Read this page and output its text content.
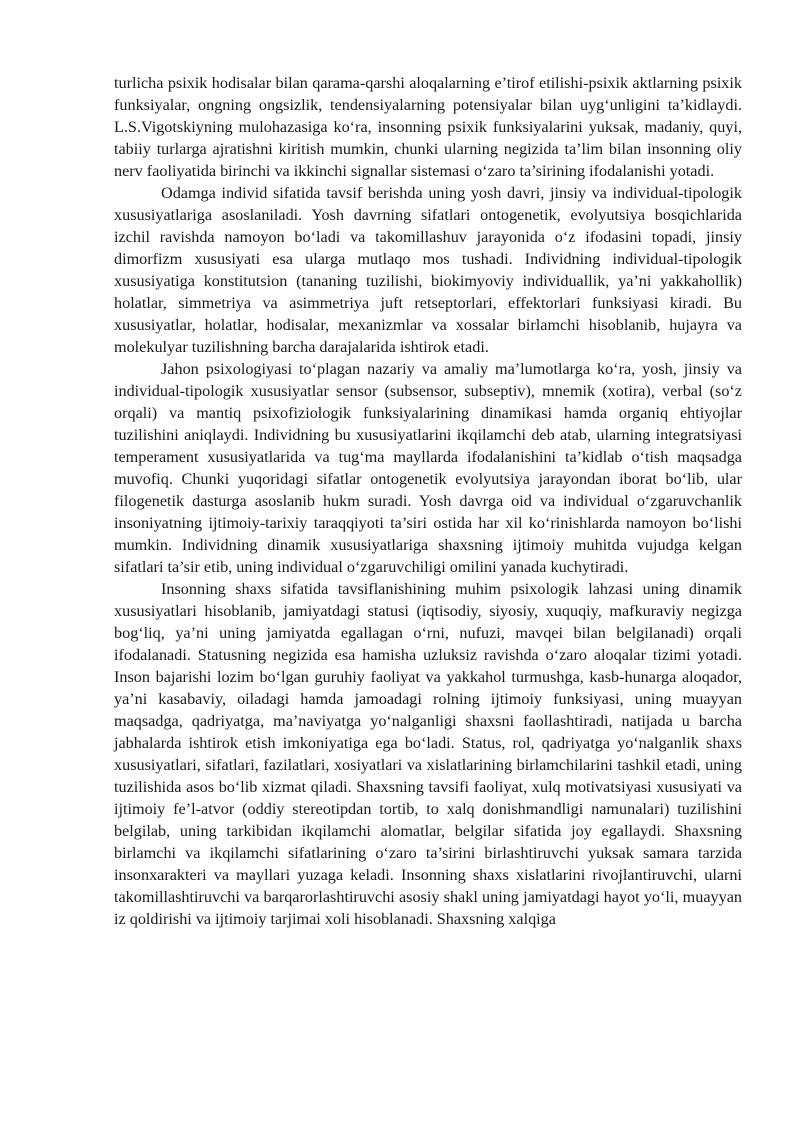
turlicha psixik hodisalar bilan qarama-qarshi aloqalarning e’tirof etilishi-psixik aktlarning psixik funksiyalar, ongning ongsizlik, tendensiyalarning potensiyalar bilan uyg‘unligini ta’kidlaydi. L.S.Vigotskiyning mulohazasiga ko‘ra, insonning psixik funksiyalarini yuksak, madaniy, quyi, tabiiy turlarga ajratishni kiritish mumkin, chunki ularning negizida ta’lim bilan insonning oliy nerv faoliyatida birinchi va ikkinchi signallar sistemasi o‘zaro ta’sirining ifodalanishi yotadi.

Odamga individ sifatida tavsif berishda uning yosh davri, jinsiy va individual-tipologik xususiyatlariga asoslaniladi. Yosh davrning sifatlari ontogenetik, evolyutsiya bosqichlarida izchil ravishda namoyon bo‘ladi va takomillashuv jarayonida o‘z ifodasini topadi, jinsiy dimorfizm xususiyati esa ularga mutlaqo mos tushadi. Individning individual-tipologik xususiyatiga konstitutsion (tananing tuzilishi, biokimyoviy individuallik, ya’ni yakkahollik) holatlar, simmetriya va asimmetriya juft retseptorlari, effektorlari funksiyasi kiradi. Bu xususiyatlar, holatlar, hodisalar, mexanizmlar va xossalar birlamchi hisoblanib, hujayra va molekulyar tuzilishning barcha darajalarida ishtirok etadi.

Jahon psixologiyasi to‘plagan nazariy va amaliy ma’lumotlarga ko‘ra, yosh, jinsiy va individual-tipologik xususiyatlar sensor (subsensor, subseptiv), mnemik (xotira), verbal (so‘z orqali) va mantiq psixofiziologik funksiyalarining dinamikasi hamda organiq ehtiyojlar tuzilishini aniqlaydi. Individning bu xususiyatlarini ikqilamchi deb atab, ularning integratsiyasi temperament xususiyatlarida va tug‘ma mayllarda ifodalanishini ta’kidlab o‘tish maqsadga muvofiq. Chunki yuqoridagi sifatlar ontogenetik evolyutsiya jarayondan iborat bo‘lib, ular filogenetik dasturga asoslanib hukm suradi. Yosh davrga oid va individual o‘zgaruvchanlik insoniyatning ijtimoiy-tarixiy taraqqiyoti ta’siri ostida har xil ko‘rinishlarda namoyon bo‘lishi mumkin. Individning dinamik xususiyatlariga shaxsning ijtimoiy muhitda vujudga kelgan sifatlari ta’sir etib, uning individual o‘zgaruvchiligi omilini yanada kuchytiradi.

Insonning shaxs sifatida tavsiflanishining muhim psixologik lahzasi uning dinamik xususiyatlari hisoblanib, jamiyatdagi statusi (iqtisodiy, siyosiy, xuquqiy, mafkuraviy negizga bog‘liq, ya’ni uning jamiyatda egallagan o‘rni, nufuzi, mavqei bilan belgilanadi) orqali ifodalanadi. Statusning negizida esa hamisha uzluksiz ravishda o‘zaro aloqalar tizimi yotadi. Inson bajarishi lozim bo‘lgan guruhiy faoliyat va yakkahol turmushga, kasb-hunarga aloqador, ya’ni kasabaviy, oiladagi hamda jamoadagi rolning ijtimoiy funksiyasi, uning muayyan maqsadga, qadriyatga, ma’naviyatga yo‘nalganligi shaxsni faollashtiradi, natijada u barcha jabhalarda ishtirok etish imkoniyatiga ega bo‘ladi. Status, rol, qadriyatga yo‘nalganlik shaxs xususiyatlari, sifatlari, fazilatlari, xosiyatlari va xislatlarining birlamchilarini tashkil etadi, uning tuzilishida asos bo‘lib xizmat qiladi. Shaxsning tavsifi faoliyat, xulq motivatsiyasi xususiyati va ijtimoiy fe’l-atvor (oddiy stereotipdan tortib, to xalq donishmandligi namunalari) tuzilishini belgilab, uning tarkibidan ikqilamchi alomatlar, belgilar sifatida joy egallaydi. Shaxsning birlamchi va ikqilamchi sifatlarining o‘zaro ta’sirini birlashtiruvchi yuksak samara tarzida insonxarakteri va mayllari yuzaga keladi. Insonning shaxs xislatlarini rivojlantiruvchi, ularni takomillashtiruvchi va barqarorlashtiruvchi asosiy shakl uning jamiyatdagi hayot yo‘li, muayyan iz qoldirishi va ijtimoiy tarjimai xoli hisoblanadi. Shaxsning xalqiga
